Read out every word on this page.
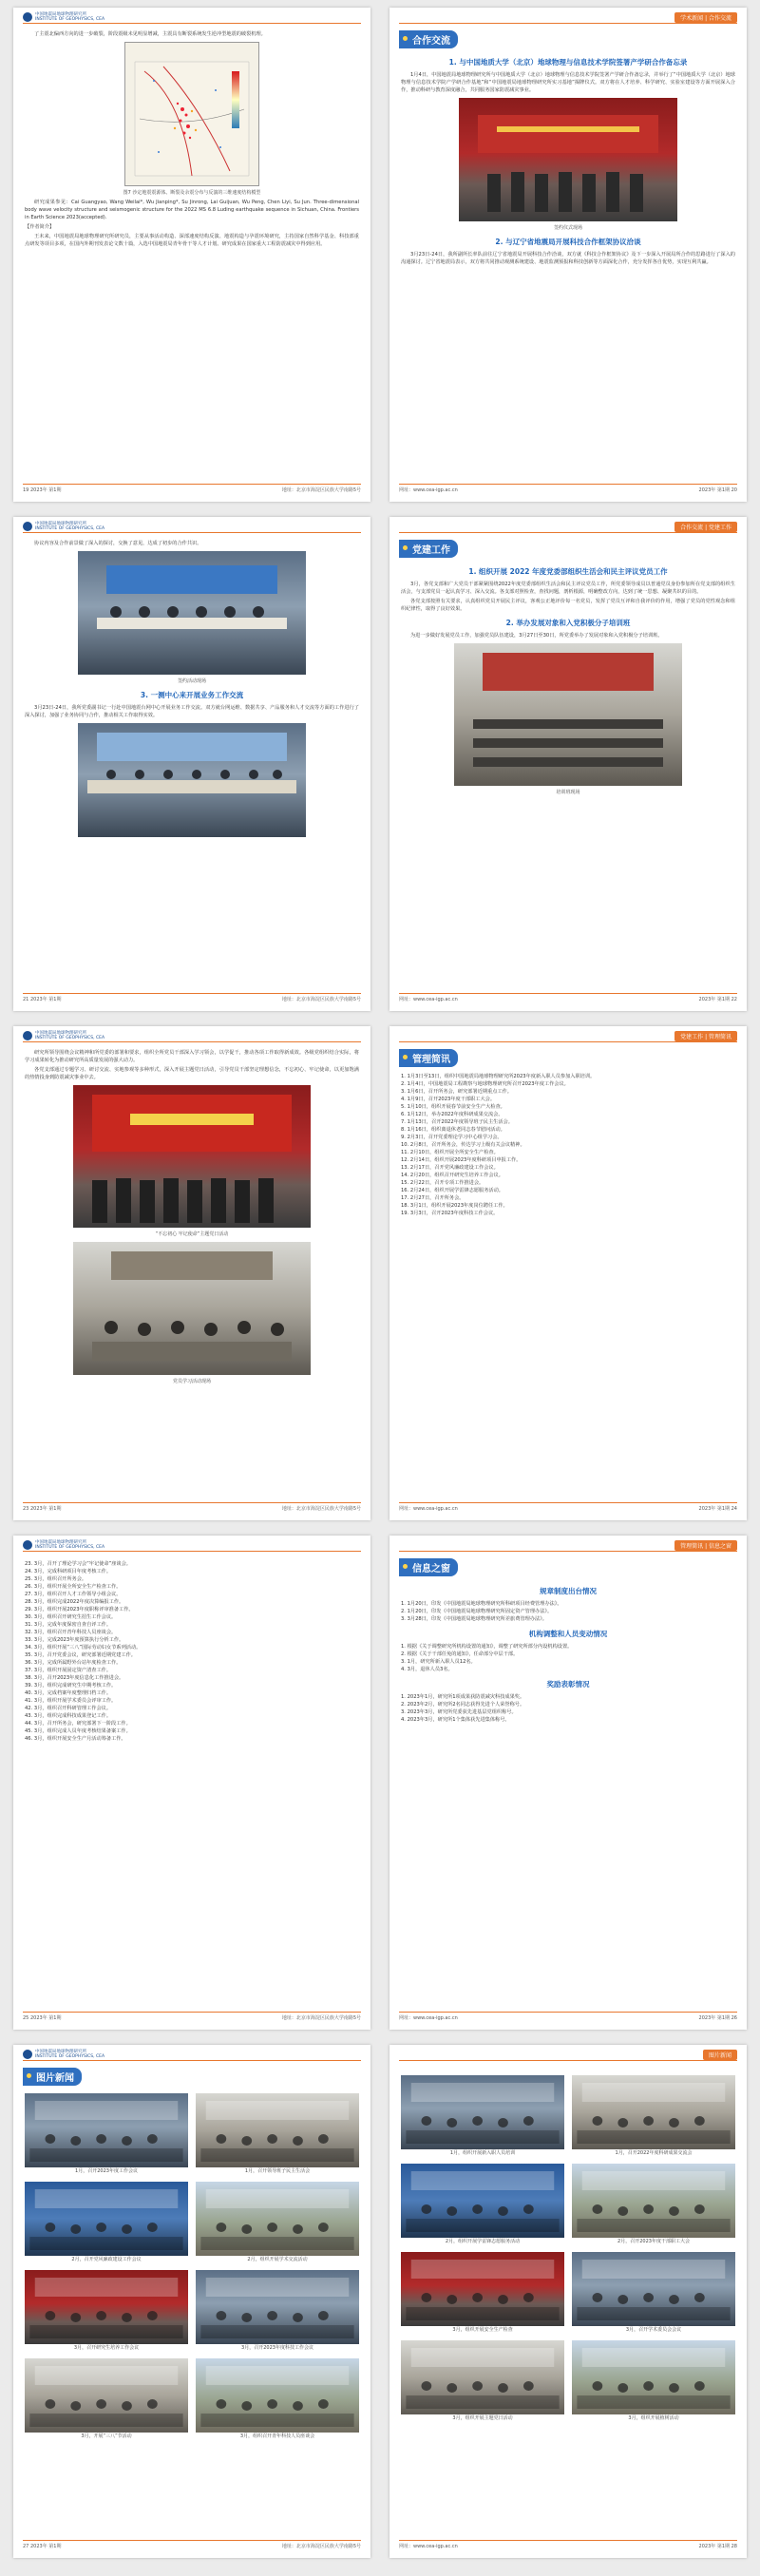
中国地震局地球物理研究所
INSTITUTE OF GEOPHYSICS, CEA
了主震北偏西方向的进一步破裂，阶段震级未见明显增减，主震具有断裂系统发生逆冲型地震的破裂机理。
图7 沙定地震震源体、断裂及余震分布与反演的三维速度结构模型
研究成果参见：Cai Guangyao, Wang Weilai*, Wu Jianping*, Su Jinrong, Lai Guijuan, Wu Peng, Chen Liyi, Su Jun. Three-dimensional body wave velocity structure and seismogenic structure for the 2022 MS 6.8 Luding earthquake sequence in Sichuan, China. Frontiers in Earth Science 2023(accepted).
【作者简介】
王未来，中国地震局地球物理研究所研究员，主要从事活动构造、深部速度结构反演、地震构造与孕震环境研究，主持国家自然科学基金、科技部重点研发等项目多项，在国内外期刊发表论文数十篇，入选中国地震局青年骨干等人才计划。研究成果在国家重大工程防震减灾中得到应用。
19 2023年 第1期	地址：北京市海淀区民族大学南路5号
学术新闻 | 合作交流
合作交流
1. 与中国地质大学（北京）地球物理与信息技术学院签署产学研合作备忘录
1月4日，中国地震局地球物理研究所与中国地质大学（北京）地球物理与信息技术学院签署产学研合作备忘录，并举行了“中国地质大学（北京）地球物理与信息技术学院产学研合作基地”和“中国地震局地球物理研究所实习基地”揭牌仪式。双方将在人才培养、科学研究、实验室建设等方面开展深入合作，推动科研与教育深度融合，共同服务国家防震减灾事业。
签约仪式现场
2. 与辽宁省地震局开展科技合作框架协议洽谈
3月23日-24日，我所副所长率队前往辽宁省地震局开展科技合作洽谈，双方就《科技合作框架协议》及下一步深入开展局所合作的思路进行了深入的沟通探讨。辽宁省地震局表示，双方将共同推动观测系统建设、地震监测预报和科技创新等方面深化合作，充分发挥各自优势，实现互利共赢。
网址：www.cea-igp.ac.cn	2023年 第1期 20
中国地震局地球物理研究所
INSTITUTE OF GEOPHYSICS, CEA
协议内容及合作前景做了深入的探讨，交换了意见，达成了初步的合作共识。
签约活动现场
3. 一测中心来开展业务工作交流
3月23日-24日，我所党委副书记一行赴中国地震台网中心开展业务工作交流。双方就台网运维、数据共享、产品服务和人才交流等方面的工作进行了深入探讨，加强了业务协同与合作，推动相关工作取得实效。
21 2023年 第1期	地址：北京市海淀区民族大学南路5号
合作交流 | 党建工作
党建工作
1. 组织开展 2022 年度党委部组织生活会和民主评议党员工作
3月，各党支部和广大党员干部紧紧围绕2022年度党委部组织生活会和民主评议党员工作，所党委领导成员以普通党员身份参加所在党支部的组织生活会，与支部党员一起认真学习、深入交流。各支部对照检查，查找问题，剖析根源，明确整改方向，达到了统一思想、凝聚共识的目的。
各党支部按照有关要求，认真组织党员开展民主评议，客观公正地评价每一名党员，发挥了党员互评和自我评价的作用，增强了党员的党性观念和组织纪律性，取得了良好效果。
2. 举办发展对象和入党积极分子培训班
为进一步做好发展党员工作，加强党员队伍建设，3月27日至30日，所党委举办了发展对象和入党积极分子培训班。
培训班现场
网址：www.cea-igp.ac.cn	2023年 第1期 22
中国地震局地球物理研究所
INSTITUTE OF GEOPHYSICS, CEA
研究所领导围绕会议精神和所党委的部署和要求，组织全所党员干部深入学习领会，以学促干，推动各项工作取得新成效。各级党组织结合实际，将学习成果转化为推动研究所高质量发展的强大动力。
各党支部通过专题学习、研讨交流、实地参观等多种形式，深入开展主题党日活动，引导党员干部坚定理想信念，不忘初心、牢记使命，以更加饱满的热情投身到防震减灾事业中去。
“不忘初心 牢记使命”主题党日活动
党员学习活动现场
23 2023年 第1期	地址：北京市海淀区民族大学南路5号
党建工作 | 管理简讯
管理简讯
1. 1月3日至13日，组织中国地震局地球物理研究所2023年度新入职人员参加入职培训。
2. 1月4日，中国地震局工程勘察与地球物理研究所召开2023年度工作会议。
3. 1月6日，召开所务会，研究部署近期重点工作。
4. 1月9日，召开2023年度干部职工大会。
5. 1月10日，组织开展春节前安全生产大检查。
6. 1月12日，举办2022年度科研成果交流会。
7. 1月13日，召开2022年度领导班子民主生活会。
8. 1月16日，组织离退休老同志春节慰问活动。
9. 2月3日，召开党委理论学习中心组学习会。
10. 2月8日，召开所务会，传达学习上级有关会议精神。
11. 2月10日，组织开展全所安全生产检查。
12. 2月14日，组织开展2023年度科研项目申报工作。
13. 2月17日，召开党风廉政建设工作会议。
14. 2月20日，组织召开研究生培养工作会议。
15. 2月22日，召开专项工作推进会。
16. 2月24日，组织开展学雷锋志愿服务活动。
17. 2月27日，召开所务会。
18. 3月1日，组织开展2023年度岗位聘任工作。
19. 3月3日，召开2023年度科技工作会议。
网址：www.cea-igp.ac.cn	2023年 第1期 24
中国地震局地球物理研究所
INSTITUTE OF GEOPHYSICS, CEA
23. 3月，召开了理论学习会“牢记使命”座谈会。
24. 3月，完成科研项目年度考核工作。
25. 3月，组织召开所务会。
26. 3月，组织开展全所安全生产检查工作。
27. 3月，组织召开人才工作领导小组会议。
28. 3月，组织完成2022年度决算编报工作。
29. 3月，组织开展2023年度职称评审准备工作。
30. 3月，组织召开研究生招生工作会议。
31. 3月，完成年度保密自查自评工作。
32. 3月，组织召开青年科技人员座谈会。
33. 3月，完成2023年度预算执行分析工作。
34. 3月，组织开展“三八”国际劳动妇女节系列活动。
35. 3月，召开党委会议，研究部署近期党建工作。
36. 3月，完成所属野外台站年度检查工作。
37. 3月，组织开展固定资产清查工作。
38. 3月，召开2023年度信息化工作推进会。
39. 3月，组织完成研究生中期考核工作。
40. 3月，完成档案年度整理归档工作。
41. 3月，组织开展学术委员会评审工作。
42. 3月，组织召开科研管理工作会议。
43. 3月，组织完成科技成果登记工作。
44. 3月，召开所务会，研究部署下一阶段工作。
45. 3月，组织完成人员年度考核结果备案工作。
46. 3月，组织开展安全生产月活动筹备工作。
25 2023年 第1期	地址：北京市海淀区民族大学南路5号
管理简讯 | 信息之窗
信息之窗
规章制度出台情况
1. 1月20日，印发《中国地震局地球物理研究所科研项目经费管理办法》。
2. 1月20日，印发《中国地震局地球物理研究所固定资产管理办法》。
3. 3月28日，印发《中国地震局地球物理研究所差旅费管理办法》。
机构调整和人员变动情况
1. 根据《关于调整研究所机构设置的通知》，调整了研究所部分内设机构设置。
2. 根据《关于干部任免的通知》，任命部分中层干部。
3. 1月，研究所新入职人员12名。
4. 3月，退休人员3名。
奖励表彰情况
1. 2023年1月，研究所1项成果获防震减灾科技成果奖。
2. 2023年2月，研究所2名同志获得先进个人荣誉称号。
3. 2023年3月，研究所党委获先进基层党组织称号。
4. 2023年3月，研究所1个集体获先进集体称号。
网址：www.cea-igp.ac.cn	2023年 第1期 26
中国地震局地球物理研究所
INSTITUTE OF GEOPHYSICS, CEA
图片新闻
1月，召开2023年度工作会议	1月，召开领导班子民主生活会
2月，召开党风廉政建设工作会议	2月，组织开展学术交流活动
3月，召开研究生培养工作会议	3月，召开2023年度科技工作会议
3月，开展“三八”节活动	3月，组织召开青年科技人员座谈会
27 2023年 第1期	地址：北京市海淀区民族大学南路5号
图片新闻
1月，组织开展新入职人员培训	1月，召开2022年度科研成果交流会
2月，组织开展学雷锋志愿服务活动	2月，召开2023年度干部职工大会
3月，组织开展安全生产检查	3月，召开学术委员会会议
3月，组织开展主题党日活动	3月，组织开展植树活动
网址：www.cea-igp.ac.cn	2023年 第1期 28
